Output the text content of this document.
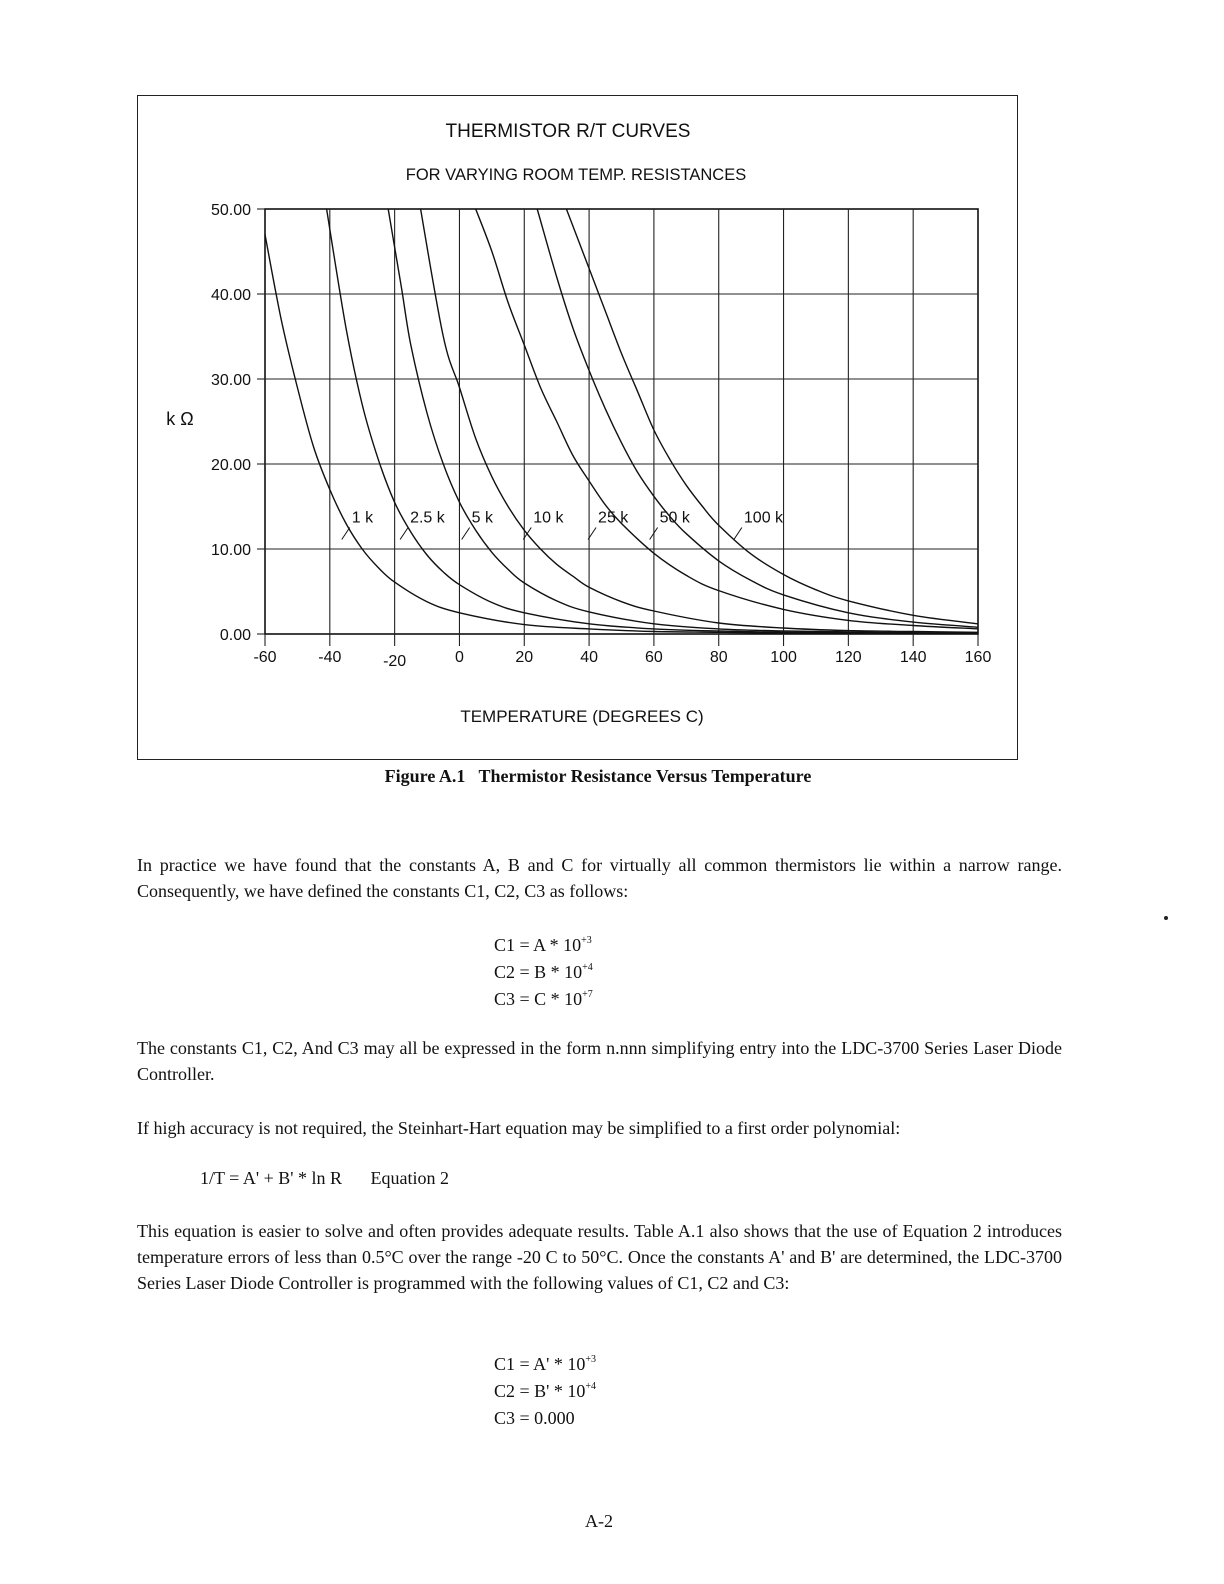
THERMISTOR R/T CURVES
FOR VARYING ROOM TEMP. RESISTANCES
-60	-40	-20	0	20	40	60	80	100 120 140 160
0.00
10.00
20.00
30.00
40.00
50.00
TEMPERATURE (DEGREES C)
k Ω
1 k 2.5 k 5 k	10 k 25 k 50 k	100 k
Figure A.1 Thermistor Resistance Versus Temperature

In practice we have found that the constants A, B and C for virtually all common thermistors lie within a narrow range. Consequently, we have defined the constants C1, C2, C3 as follows:

$C1 = A * 10^{+3}$
$C2 = B * 10^{+4}$
$C3 = C * 10^{+7}$

The constants C1, C2, And C3 may all be expressed in the form n.nnn simplifying entry into the LDC-3700 Series Laser Diode Controller.

If high accuracy is not required, the Steinhart-Hart equation may be simplified to a first order polynomial:

1/T = A' + B' * ln R Equation 2

This equation is easier to solve and often provides adequate results. Table A.1 also shows that the use of Equation 2 introduces temperature errors of less than 0.5°C over the range -20 C to 50°C. Once the constants A' and B' are determined, the LDC-3700 Series Laser Diode Controller is programmed with the following values of C1, C2 and C3:

$C1 = A' * 10^{+3}$
$C2 = B' * 10^{+4}$
C3 = 0.000
A-2
